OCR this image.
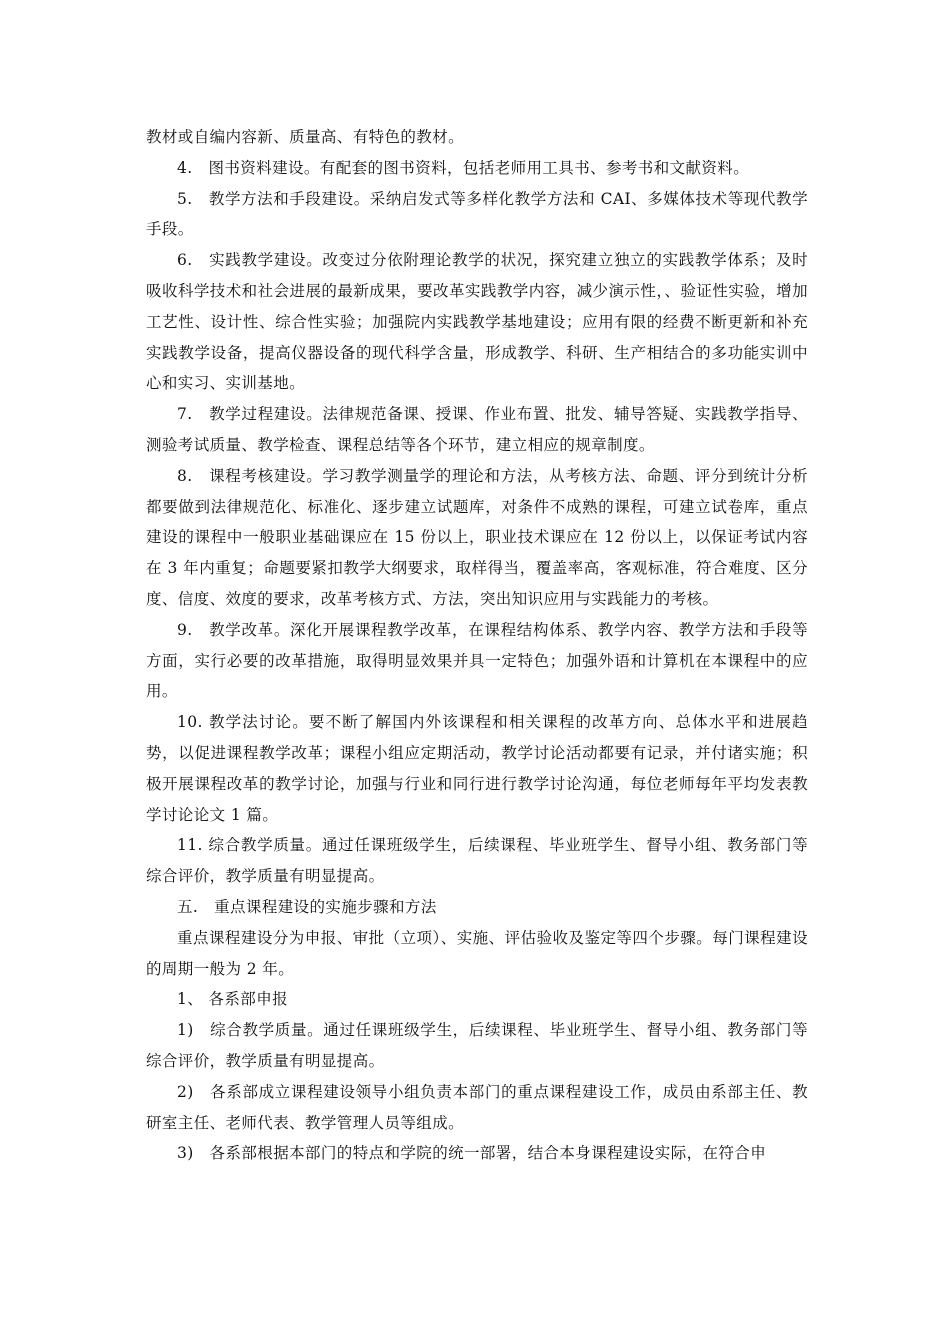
教材或自编内容新、质量高、有特色的教材。

4.　图书资料建设。有配套的图书资料，包括老师用工具书、参考书和文献资料。

5.　教学方法和手段建设。采纳启发式等多样化教学方法和 CAI、多媒体技术等现代教学手段。

6.　实践教学建设。改变过分依附理论教学的状况，探究建立独立的实践教学体系；及时吸收科学技术和社会进展的最新成果，要改革实践教学内容，减少演示性，、验证性实验，增加工艺性、设计性、综合性实验；加强院内实践教学基地建设；应用有限的经费不断更新和补充实践教学设备，提高仪器设备的现代科学含量，形成教学、科研、生产相结合的多功能实训中心和实习、实训基地。

7.　教学过程建设。法律规范备课、授课、作业布置、批发、辅导答疑、实践教学指导、测验考试质量、教学检查、课程总结等各个环节，建立相应的规章制度。

8.　课程考核建设。学习教学测量学的理论和方法，从考核方法、命题、评分到统计分析都要做到法律规范化、标准化、逐步建立试题库，对条件不成熟的课程，可建立试卷库，重点建设的课程中一般职业基础课应在 15 份以上，职业技术课应在 12 份以上，以保证考试内容在 3 年内重复；命题要紧扣教学大纲要求，取样得当，覆盖率高，客观标准，符合难度、区分度、信度、效度的要求，改革考核方式、方法，突出知识应用与实践能力的考核。

9.　教学改革。深化开展课程教学改革，在课程结构体系、教学内容、教学方法和手段等方面，实行必要的改革措施，取得明显效果并具一定特色；加强外语和计算机在本课程中的应用。

10. 教学法讨论。要不断了解国内外该课程和相关课程的改革方向、总体水平和进展趋势，以促进课程教学改革；课程小组应定期活动，教学讨论活动都要有记录，并付诸实施；积极开展课程改革的教学讨论，加强与行业和同行进行教学讨论沟通，每位老师每年平均发表教学讨论论文 1 篇。

11. 综合教学质量。通过任课班级学生，后续课程、毕业班学生、督导小组、教务部门等综合评价，教学质量有明显提高。

五.　重点课程建设的实施步骤和方法

重点课程建设分为申报、审批（立项）、实施、评估验收及鉴定等四个步骤。每门课程建设的周期一般为 2 年。

1、 各系部申报

1)　综合教学质量。通过任课班级学生，后续课程、毕业班学生、督导小组、教务部门等综合评价，教学质量有明显提高。

2)　各系部成立课程建设领导小组负责本部门的重点课程建设工作，成员由系部主任、教研室主任、老师代表、教学管理人员等组成。

3)　各系部根据本部门的特点和学院的统一部署，结合本身课程建设实际，在符合申
